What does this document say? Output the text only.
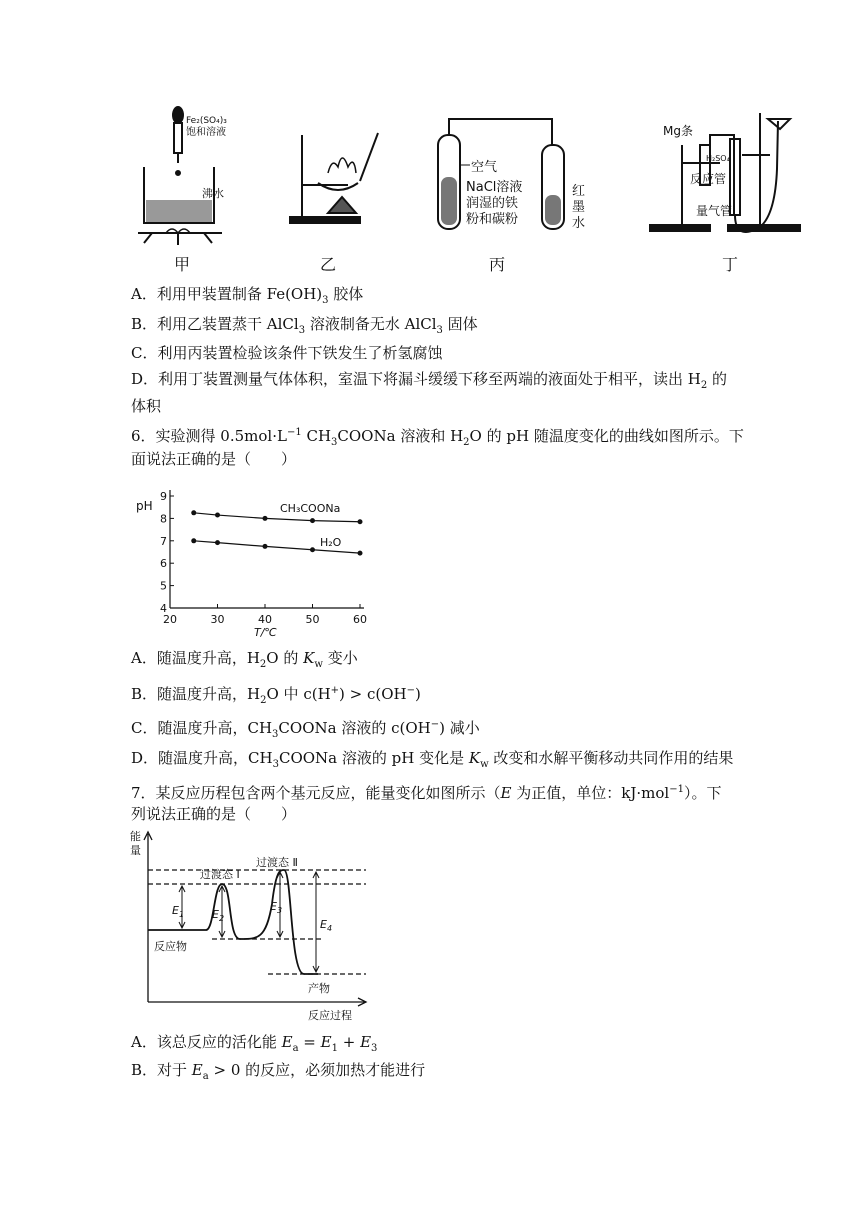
Fe₂(SO₄)₃
饱和溶液
沸水
空气
NaCl溶液
润湿的铁
粉和碳粉
红
墨
水
Mg条
H₂SO₄
反应管
量气管
甲	乙	丙	丁
A．利用甲装置制备 $Fe(OH)_3$ 胶体
B．利用乙装置蒸干 AlCl$_3$ 溶液制备无水 AlCl$_3$ 固体
C．利用丙装置检验该条件下铁发生了析氢腐蚀
D．利用丁装置测量气体体积，室温下将漏斗缓缓下移至两端的液面处于相平，读出 $H_2$ 的
体积
6．实验测得 $0.5mol\cdot L^{-1}$ $CH_3COONa$ 溶液和 $H_2O$ 的 pH 随温度变化的曲线如图所示。下
面说法正确的是（　　）
4
5
6
7
8
9
20	30	40	50	60
pH
T/℃
CH₃COONa
H₂O
A．随温度升高，$H_2O$ 的 $K_w$ 变小
B．随温度升高，$H_2O$ 中 c(H+) > c(OH−)
C．随温度升高，$CH_3COONa$ 溶液的 c(OH−) 减小
D．随温度升高，$CH_3COONa$ 溶液的 pH 变化是 $K_w$ 改变和水解平衡移动共同作用的结果
7．某反应历程包含两个基元反应，能量变化如图所示（E 为正值，单位：kJ·mol$^{-1}$）。下
列说法正确的是（　　）
能
量
过渡态 Ⅰ
过渡态 Ⅱ
反应物
产物
反应过程
$E_1$	$E_2$
$E_3$
$E_4$
A．该总反应的活化能 $E_a = E_1 + E_3$
B．对于 $E_a > 0$ 的反应，必须加热才能进行
